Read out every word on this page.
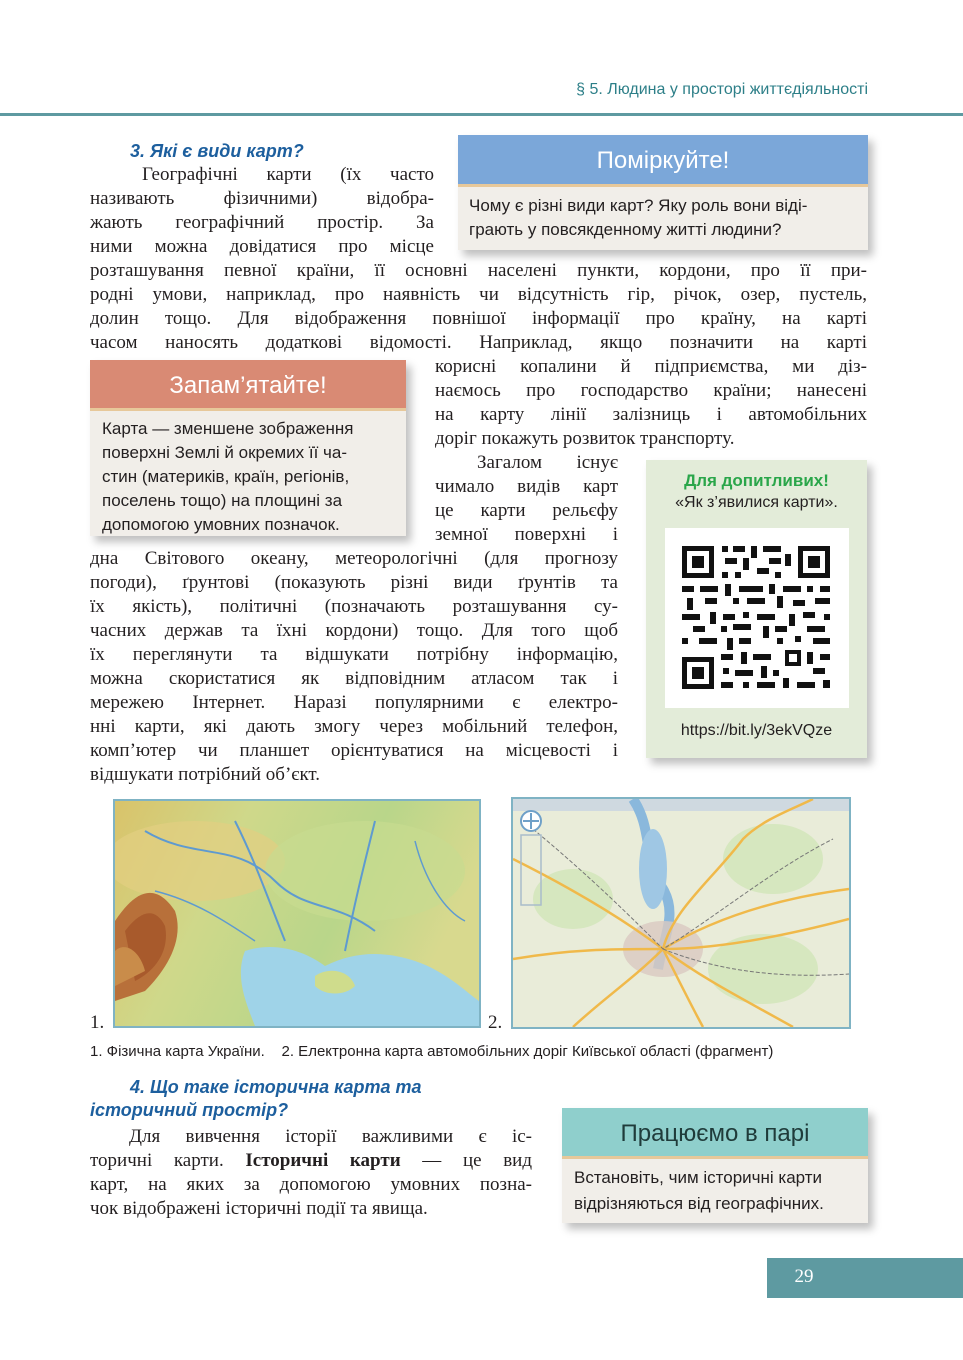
§ 5. Людина у просторі життєдіяльності
3. Які є види карт?
Географічні карти (їх часто
називають фізичними) відобра-
жають географічний простір. За
ними можна довідатися про місце
Поміркуйте!
Чому є різні види карт? Яку роль вони віді-
грають у повсякденному житті людини?
розташування певної країни, її основні населені пункти, кордони, про її при-
родні умови, наприклад, про наявність чи відсутність гір, річок, озер, пустель,
долин тощо. Для відображення повнішої інформації про країну, на карті
часом наносять додаткові відомості. Наприклад, якщо позначити на карті
Запам’ятайте!
Карта — зменшене зображення
поверхні Землі й окремих її ча-
стин (материків, країн, регіонів,
поселень тощо) на площині за
допомогою умовних позначок.
корисні копалини й підприємства, ми діз-
наємось про господарство країни; нанесені
на карту лінії залізниць і автомобільних
доріг покажуть розвиток транспорту.
Загалом існує
чимало видів карт
це карти рельєфу
земної поверхні і
Для допитливих!
«Як з’явилися карти».
https://bit.ly/3ekVQze
дна Світового океану, метеорологічні (для прогнозу
погоди), ґрунтові (показують різні види ґрунтів та
їх якість), політичні (позначають розташування су-
часних держав та їхні кордони) тощо. Для того щоб
їх переглянути та відшукати потрібну інформацію,
можна скористатися як відповідним атласом так і
мережею Інтернет. Наразі популярними є електро-
нні карти, які дають змогу через мобільний телефон,
комп’ютер чи планшет орієнтуватися на місцевості і
відшукати потрібний об’єкт.
1.	2.
1. Фізична карта України.    2. Електронна карта автомобільних доріг Київської області (фрагмент)
4. Що таке історична карта та
історичний простір?
Для вивчення історії важливими є іс-
торичні карти. Історичні карти — це вид
карт, на яких за допомогою умовних позна-
чок відображені історичні події та явища.
Працюємо в парі
Встановіть, чим історичні карти
відрізняються від географічних.
29
